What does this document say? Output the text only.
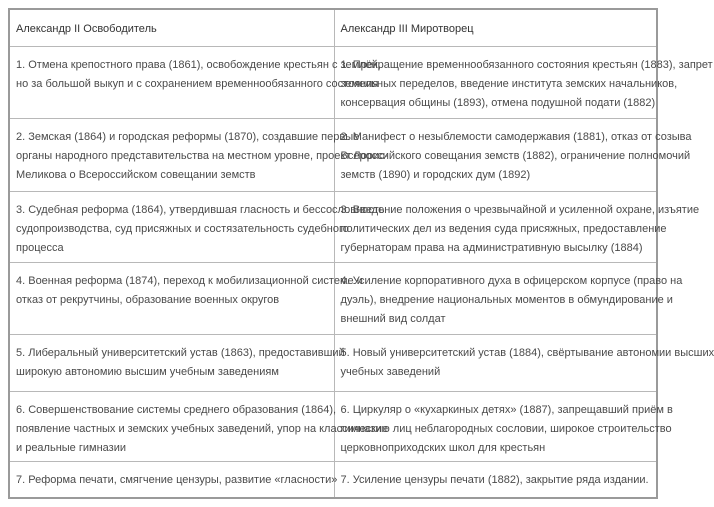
Александр II Освободитель	Александр III Миротворец

1. Отмена крепостного права (1861), освобождение крестьян с землёй,
но за большой выкуп и с сохранением временнообязанного состояния	1. Прекращение временнообязанного состояния крестьян (1883), запрет
земельных переделов, введение института земских начальников,
консервация общины (1893), отмена подушной подати (1882)

2. Земская (1864) и городская реформы (1870), создавшие первые
органы народного представительства на местном уровне, проект Лорис-
Меликова о Всероссийском совещании земств	2. Манифест о незыблемости самодержавия (1881), отказ от созыва
Всероссийского совещания земств (1882), ограничение полномочий
земств (1890) и городских дум (1892)

3. Судебная реформа (1864), утвердившая гласность и бессословность
судопроизводства, суд присяжных и состязательность судебного
процесса	3. Введение положения о чрезвычайной и усиленной охране, изъятие
политических дел из ведения суда присяжных, предоставление
губернаторам права на административную высылку (1884)

4. Военная реформа (1874), переход к мобилизационной системе и
отказ от рекрутчины, образование военных округов	4. Усиление корпоративного духа в офицерском корпусе (право на
дуэль), внедрение национальных моментов в обмундирование и
внешний вид солдат

5. Либеральный университетский устав (1863), предоставивший
широкую автономию высшим учебным заведениям	5. Новый университетский устав (1884), свёртывание автономии высших
учебных заведений

6. Совершенствование системы среднего образования (1864),
появление частных и земских учебных заведений, упор на классические
и реальные гимназии	6. Циркуляр о «кухаркиных детях» (1887), запрещавший приём в
гимназию лиц неблагородных сословии, широкое строительство
церковноприходских школ для крестьян

7. Реформа печати, смягчение цензуры, развитие «гласности»	7. Усиление цензуры печати (1882), закрытие ряда издании.
